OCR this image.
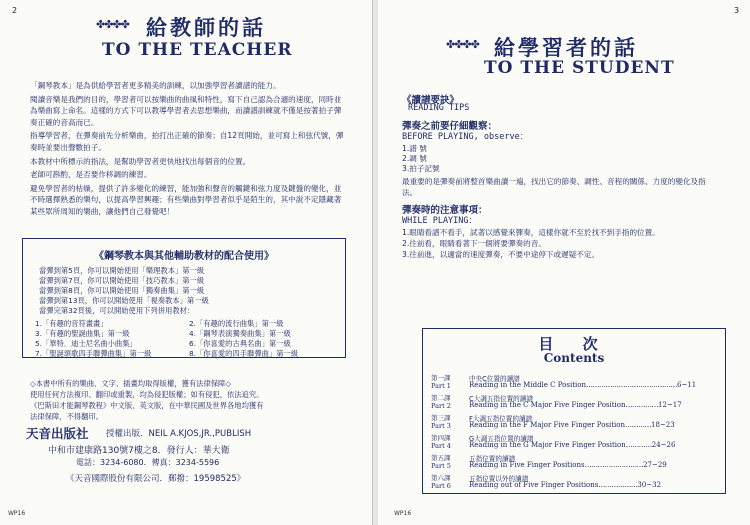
2
✤✤✤✤ 給教師的話
TO THE TEACHER

「鋼琴教本」是為供給學習者更多精美的訓練，以加強學習者讀譜的能力。

閱讀音樂是我們的目的，學習者可以按樂曲的曲風和特性，寫下自己認為合適的速度，同時並為樂曲寫上命名。這樣的方式下可以教導學習者去思想樂曲，而讀譜訓練就不僅是按著拍子彈奏正確的音高而已。

指導學習者，在彈奏前先分析樂曲，拍打出正確的節奏；自12頁開始，並可寫上和弦代號，彈奏時並要出聲數拍子。

本教材中所標示的指法，是幫助學習者更快地找出每個音的位置。

老師可斟酌，是否要作移調的練習。

避免學習者的枯燥，提供了許多變化的練習，能加強和聲音的觸鍵和弦力度及鍵盤的變化，並不時選擇熟悉的樂句，以提高學習興趣；有些樂曲對學習者似乎是陌生的，其中說不定隱藏著某些眾所周知的樂曲，讓他們自己發覺吧！

《鋼琴教本與其他輔助教材的配合使用》
當彈到第5頁，你可以開始使用「樂理教本」第一級
當彈到第7頁，你可以開始使用「技巧教本」第一級
當彈到第8頁，你可以開始使用「獨奏曲集」第一級
當彈到第13頁，你可以開始使用「視奏教本」第一級
當彈完第32頁後，可以開始使用下列併用教材：
1.「有趣的音符畫畫」
3.「有趣的聖誕曲集」第一級
5.「華特．迪士尼名曲小曲集」
7.「聖誕頌歌四手聯彈曲集」第一級
2.「有趣的流行曲集」第一級
4.「鋼琴表演獨奏曲集」第一級
6.「你喜愛的古典名曲」第一級
8.「你喜愛的四手聯彈曲」第一級

◇本書中所有的樂曲、文字、插畫均取得版權，獲有法律保障◇

使用任何方法複印、翻印或重製，均為侵犯版權；如有侵犯，依法追究。

《巴斯田才能鋼琴教程》中文版、英文版，在中華民國及世界各地均獲有

法律保障，不得翻印。

天音出版社 授權出版．NEIL A.KJOS,JR.,PUBLISH
中和市建康路130號7樓之8．發行人：華大衛
電話：3234-6080．傳真：3234-5596
《天音國際股份有限公司．郵撥：19598525》
WP16
3
✤✤✤✤ 給學習者的話
TO THE STUDENT
《讀譜要訣》
READING TIPS
彈奏之前要仔細觀察：
BEFORE PLAYING, observe：
1.譜 號
2.調 號
3.拍子記號
最重要的是彈奏前將整首樂曲讀一遍，找出它的節奏、調性、音程的關係、力度的變化及指法。
彈奏時的注意事項：
WHILE PLAYING：
1.眼睛看譜不看手，試著以感覺來彈奏，這樣你就不至於找不到手指的位置。
2.往前看，眼睛看著下一個將要彈奏的音。
3.往前進，以適當的速度彈奏，不要中途停下或遲疑不定。
目 次
Contents
第一課
Part 1
中央C位置的讀譜
Reading in the Middle C Position……………………………………6~11
第二課
Part 2
C大調五指位置的讀譜
Reading in the C Major Five Finger Position……………12~17
第三課
Part 3
F大調五指位置的讀譜
Reading in the F Major Five Finger Position…………18~23
第四課
Part 4
G大調五指位置的讀譜
Reading in the G Major Five Finger Position…………24~26
第五課
Part 5
五指位置的讀譜
Reading in Five Finger Positions………………………27~29
第六課
Part 6
五指位置以外的讀譜
Reading out of Five Finger Positions………………30~32
WP16
